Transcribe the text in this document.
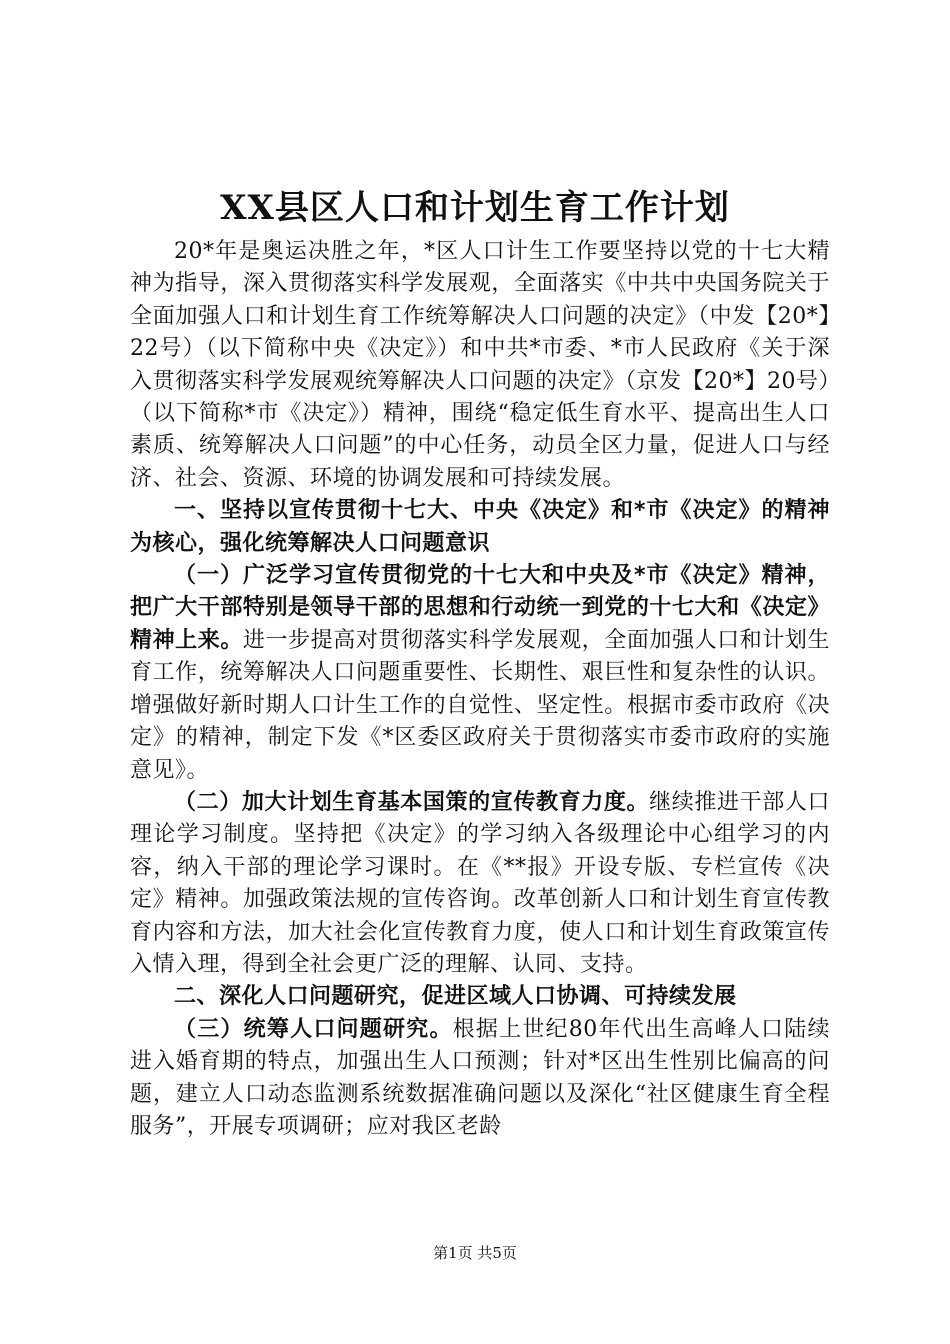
XX县区人口和计划生育工作计划

20*年是奥运决胜之年，*区人口计生工作要坚持以党的十七大精神为指导，深入贯彻落实科学发展观，全面落实《中共中央国务院关于全面加强人口和计划生育工作统筹解决人口问题的决定》（中发【20*】22号）（以下简称中央《决定》）和中共*市委、*市人民政府《关于深入贯彻落实科学发展观统筹解决人口问题的决定》（京发【20*】20号）（以下简称*市《决定》）精神，围绕“稳定低生育水平、提高出生人口素质、统筹解决人口问题”的中心任务，动员全区力量，促进人口与经济、社会、资源、环境的协调发展和可持续发展。

一、坚持以宣传贯彻十七大、中央《决定》和*市《决定》的精神为核心，强化统筹解决人口问题意识

（一）广泛学习宣传贯彻党的十七大和中央及*市《决定》精神，把广大干部特别是领导干部的思想和行动统一到党的十七大和《决定》精神上来。进一步提高对贯彻落实科学发展观，全面加强人口和计划生育工作，统筹解决人口问题重要性、长期性、艰巨性和复杂性的认识。增强做好新时期人口计生工作的自觉性、坚定性。根据市委市政府《决定》的精神，制定下发《*区委区政府关于贯彻落实市委市政府的实施意见》。

（二）加大计划生育基本国策的宣传教育力度。继续推进干部人口理论学习制度。坚持把《决定》的学习纳入各级理论中心组学习的内容，纳入干部的理论学习课时。在《**报》开设专版、专栏宣传《决定》精神。加强政策法规的宣传咨询。改革创新人口和计划生育宣传教育内容和方法，加大社会化宣传教育力度，使人口和计划生育政策宣传入情入理，得到全社会更广泛的理解、认同、支持。

二、深化人口问题研究，促进区域人口协调、可持续发展

（三）统筹人口问题研究。根据上世纪80年代出生高峰人口陆续进入婚育期的特点，加强出生人口预测；针对*区出生性别比偏高的问题，建立人口动态监测系统数据准确问题以及深化“社区健康生育全程服务”，开展专项调研；应对我区老龄

第1页 共5页
